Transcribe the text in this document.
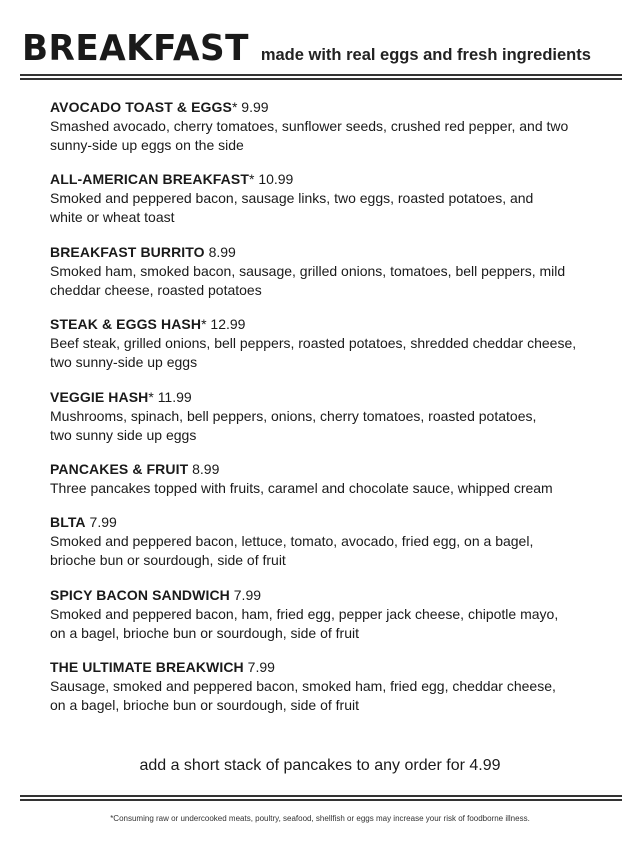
BREAKFAST made with real eggs and fresh ingredients
AVOCADO TOAST & EGGS* 9.99
Smashed avocado, cherry tomatoes, sunflower seeds, crushed red pepper, and two
sunny-side up eggs on the side
ALL-AMERICAN BREAKFAST* 10.99
Smoked and peppered bacon, sausage links, two eggs, roasted potatoes, and
white or wheat toast
BREAKFAST BURRITO 8.99
Smoked ham, smoked bacon, sausage, grilled onions, tomatoes, bell peppers, mild
cheddar cheese, roasted potatoes
STEAK & EGGS HASH* 12.99
Beef steak, grilled onions, bell peppers, roasted potatoes, shredded cheddar cheese,
two sunny-side up eggs
VEGGIE HASH* 11.99
Mushrooms, spinach, bell peppers, onions, cherry tomatoes, roasted potatoes,
two sunny side up eggs
PANCAKES & FRUIT 8.99
Three pancakes topped with fruits, caramel and chocolate sauce, whipped cream
BLTA 7.99
Smoked and peppered bacon, lettuce, tomato, avocado, fried egg, on a bagel,
brioche bun or sourdough, side of fruit
SPICY BACON SANDWICH 7.99
Smoked and peppered bacon, ham, fried egg, pepper jack cheese, chipotle mayo,
on a bagel, brioche bun or sourdough, side of fruit
THE ULTIMATE BREAKWICH 7.99
Sausage, smoked and peppered bacon, smoked ham, fried egg, cheddar cheese,
on a bagel, brioche bun or sourdough, side of fruit
add a short stack of pancakes to any order for 4.99
*Consuming raw or undercooked meats, poultry, seafood, shellfish or eggs may increase your risk of foodborne illness.
